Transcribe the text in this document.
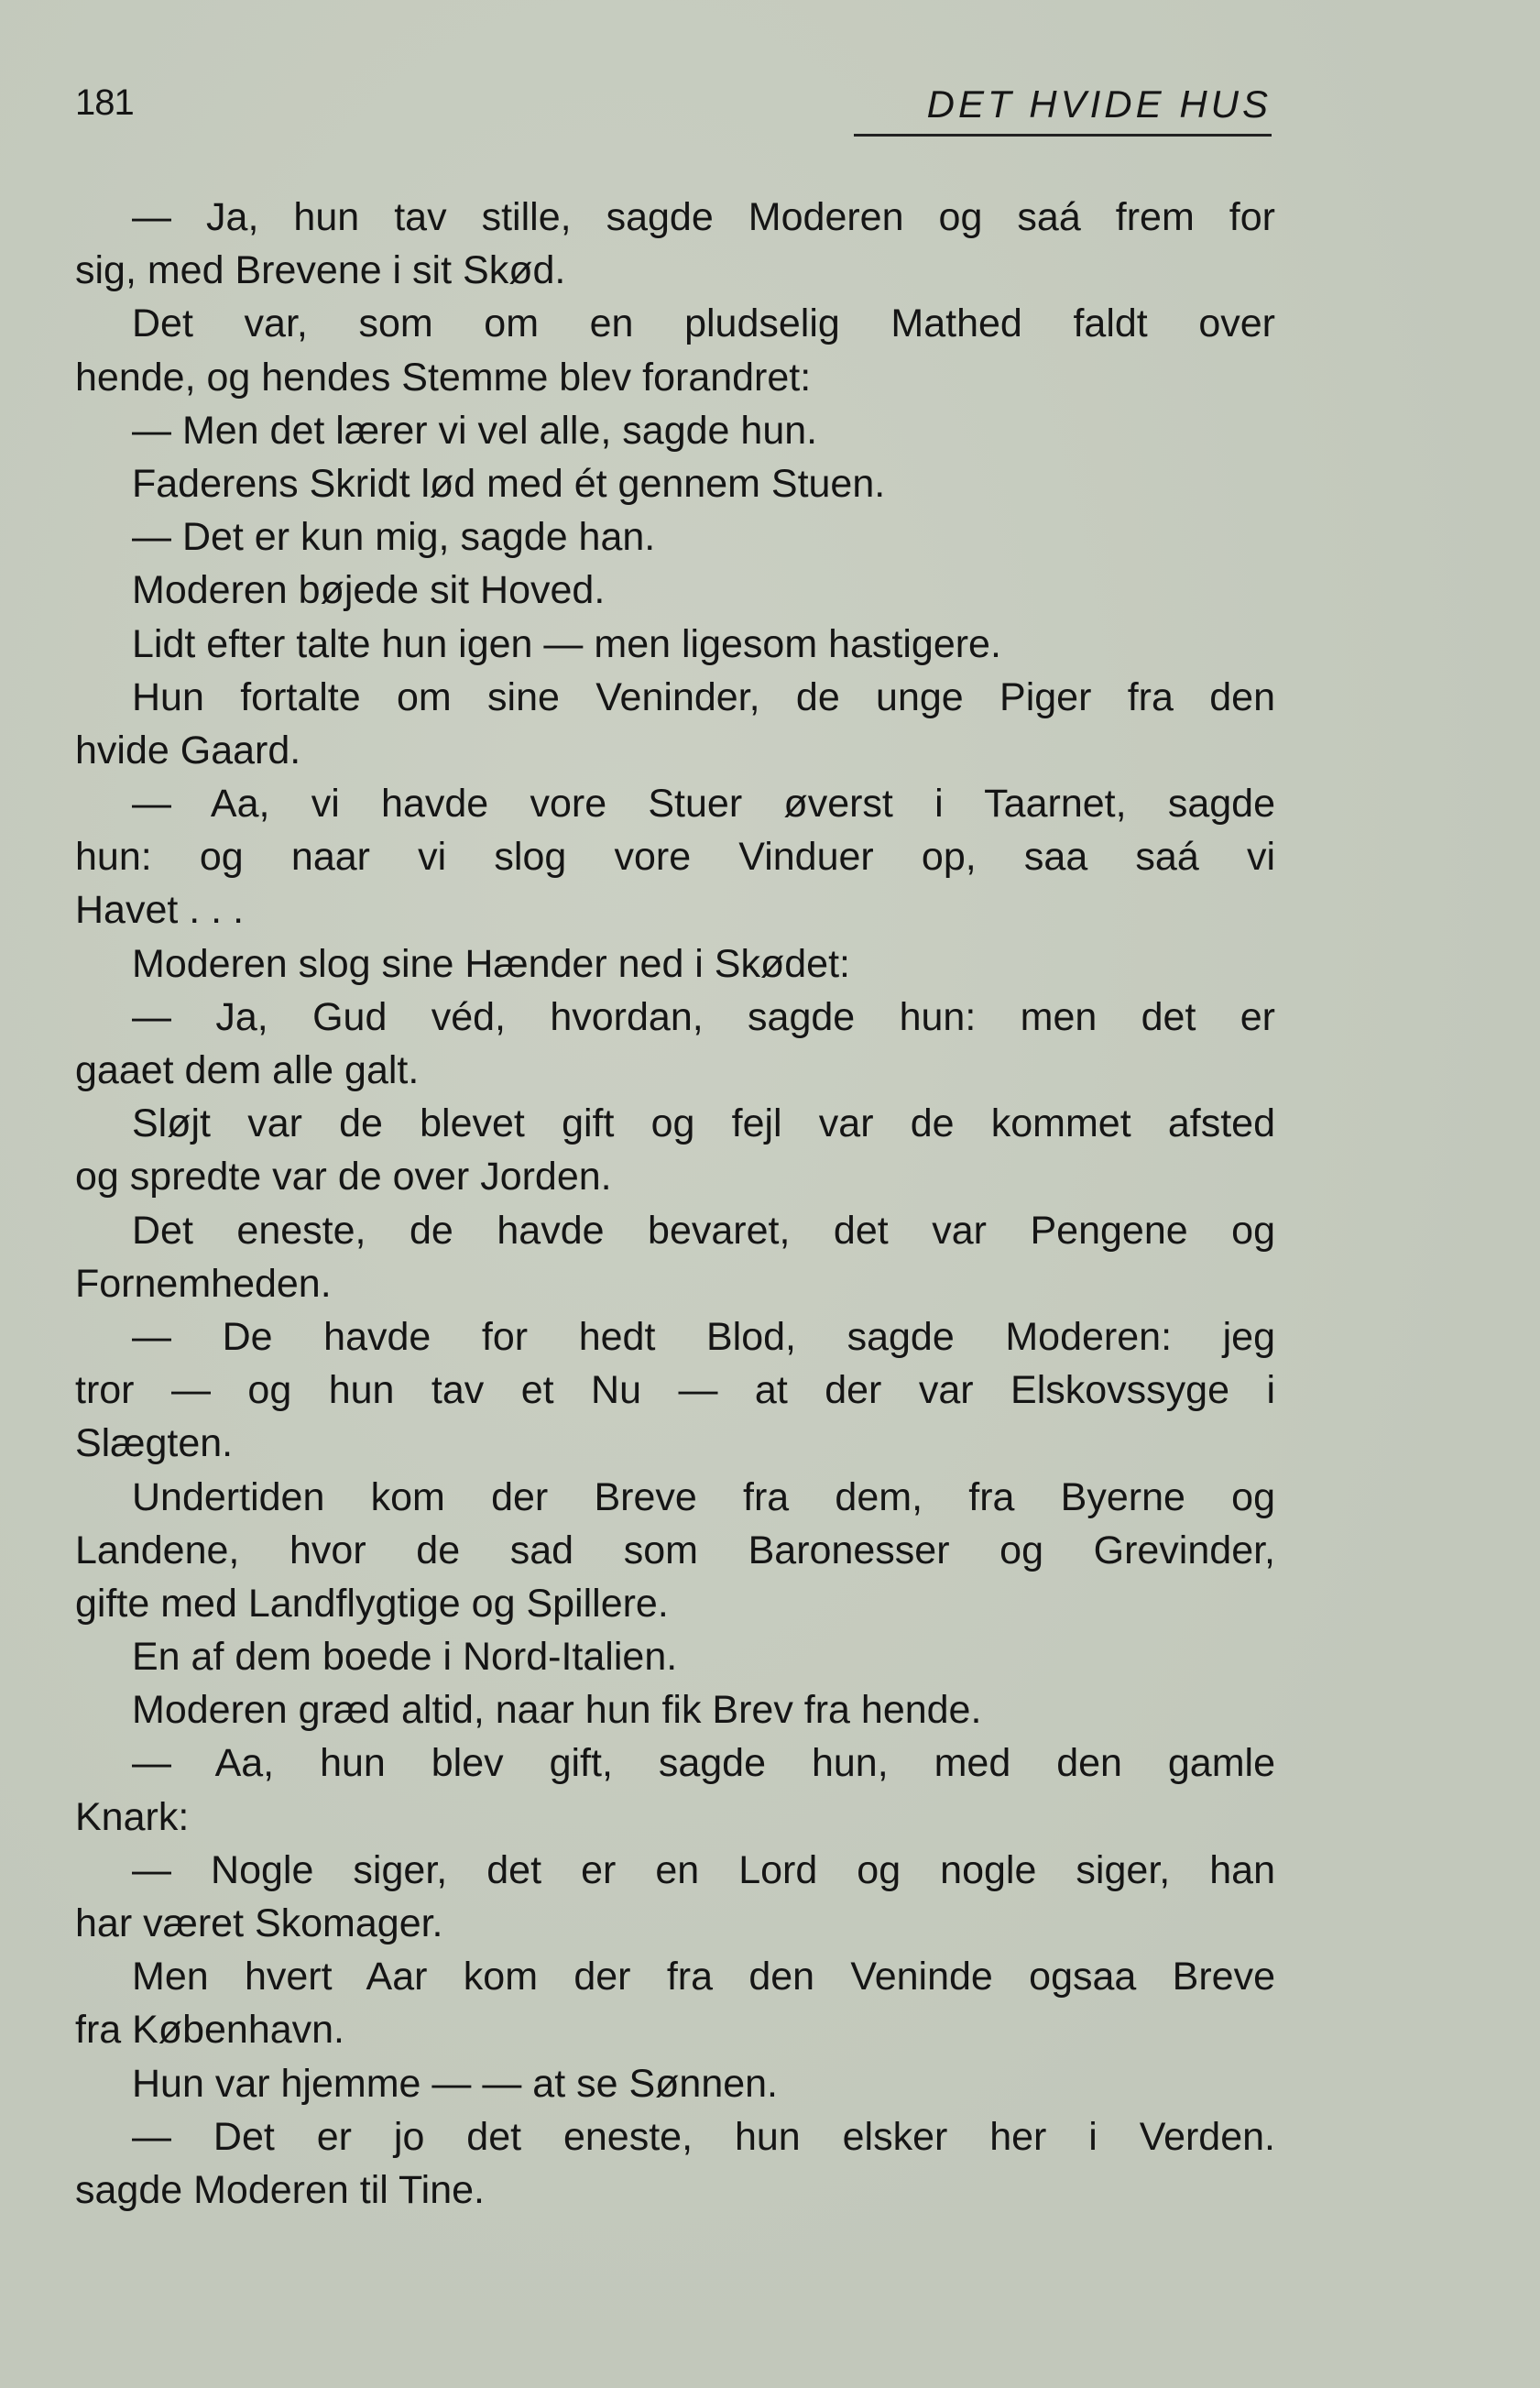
181	DET HVIDE HUS
— Ja, hun tav stille, sagde Moderen og saá frem for
sig, med Brevene i sit Skød.
Det var, som om en pludselig Mathed faldt over
hende, og hendes Stemme blev forandret:
— Men det lærer vi vel alle, sagde hun.
Faderens Skridt lød med ét gennem Stuen.
— Det er kun mig, sagde han.
Moderen bøjede sit Hoved.
Lidt efter talte hun igen — men ligesom hastigere.
Hun fortalte om sine Veninder, de unge Piger fra den
hvide Gaard.
— Aa, vi havde vore Stuer øverst i Taarnet, sagde
hun: og naar vi slog vore Vinduer op, saa saá vi
Havet . . .
Moderen slog sine Hænder ned i Skødet:
— Ja, Gud véd, hvordan, sagde hun: men det er
gaaet dem alle galt.
Sløjt var de blevet gift og fejl var de kommet afsted
og spredte var de over Jorden.
Det eneste, de havde bevaret, det var Pengene og
Fornemheden.
— De havde for hedt Blod, sagde Moderen: jeg
tror — og hun tav et Nu — at der var Elskovssyge i
Slægten.
Undertiden kom der Breve fra dem, fra Byerne og
Landene, hvor de sad som Baronesser og Grevinder,
gifte med Landflygtige og Spillere.
En af dem boede i Nord-Italien.
Moderen græd altid, naar hun fik Brev fra hende.
— Aa, hun blev gift, sagde hun, med den gamle
Knark:
— Nogle siger, det er en Lord og nogle siger, han
har været Skomager.
Men hvert Aar kom der fra den Veninde ogsaa Breve
fra København.
Hun var hjemme — — at se Sønnen.
— Det er jo det eneste, hun elsker her i Verden.
sagde Moderen til Tine.
